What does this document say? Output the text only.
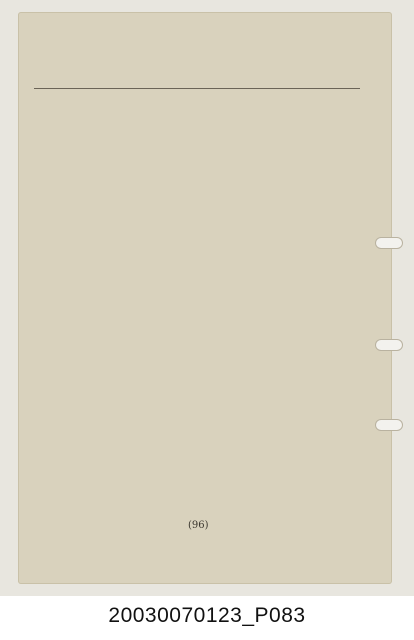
(96)
20030070123_P083
